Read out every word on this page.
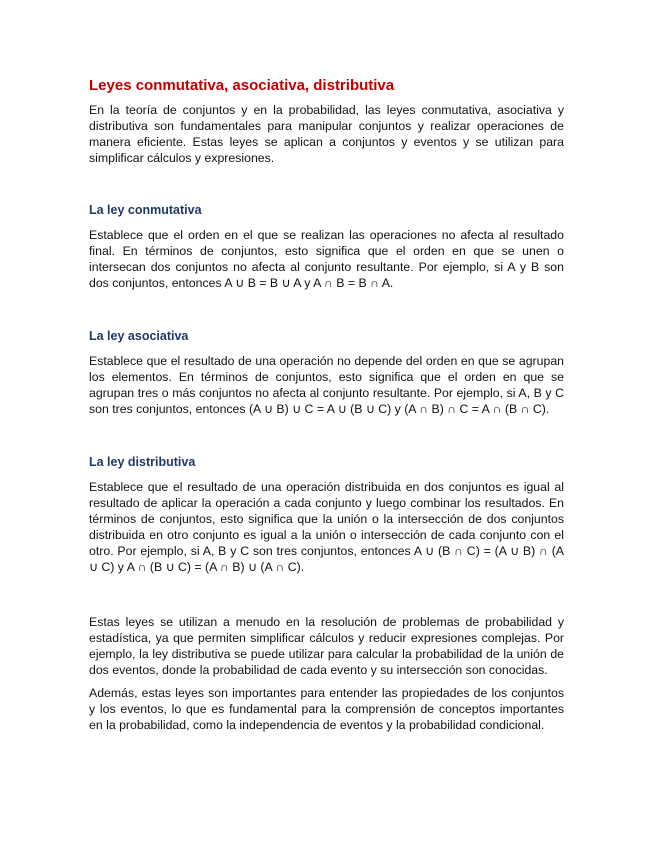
Leyes conmutativa, asociativa, distributiva

En la teoría de conjuntos y en la probabilidad, las leyes conmutativa, asociativa y distributiva son fundamentales para manipular conjuntos y realizar operaciones de manera eficiente. Estas leyes se aplican a conjuntos y eventos y se utilizan para simplificar cálculos y expresiones.

La ley conmutativa

Establece que el orden en el que se realizan las operaciones no afecta al resultado final. En términos de conjuntos, esto significa que el orden en que se unen o intersecan dos conjuntos no afecta al conjunto resultante. Por ejemplo, si A y B son dos conjuntos, entonces A ∪ B = B ∪ A y A ∩ B = B ∩ A.

La ley asociativa

Establece que el resultado de una operación no depende del orden en que se agrupan los elementos. En términos de conjuntos, esto significa que el orden en que se agrupan tres o más conjuntos no afecta al conjunto resultante. Por ejemplo, si A, B y C son tres conjuntos, entonces (A ∪ B) ∪ C = A ∪ (B ∪ C) y (A ∩ B) ∩ C = A ∩ (B ∩ C).

La ley distributiva

Establece que el resultado de una operación distribuida en dos conjuntos es igual al resultado de aplicar la operación a cada conjunto y luego combinar los resultados. En términos de conjuntos, esto significa que la unión o la intersección de dos conjuntos distribuida en otro conjunto es igual a la unión o intersección de cada conjunto con el otro. Por ejemplo, si A, B y C son tres conjuntos, entonces A ∪ (B ∩ C) = (A ∪ B) ∩ (A ∪ C) y A ∩ (B ∪ C) = (A ∩ B) ∪ (A ∩ C).

Estas leyes se utilizan a menudo en la resolución de problemas de probabilidad y estadística, ya que permiten simplificar cálculos y reducir expresiones complejas. Por ejemplo, la ley distributiva se puede utilizar para calcular la probabilidad de la unión de dos eventos, donde la probabilidad de cada evento y su intersección son conocidas.

Además, estas leyes son importantes para entender las propiedades de los conjuntos y los eventos, lo que es fundamental para la comprensión de conceptos importantes en la probabilidad, como la independencia de eventos y la probabilidad condicional.
